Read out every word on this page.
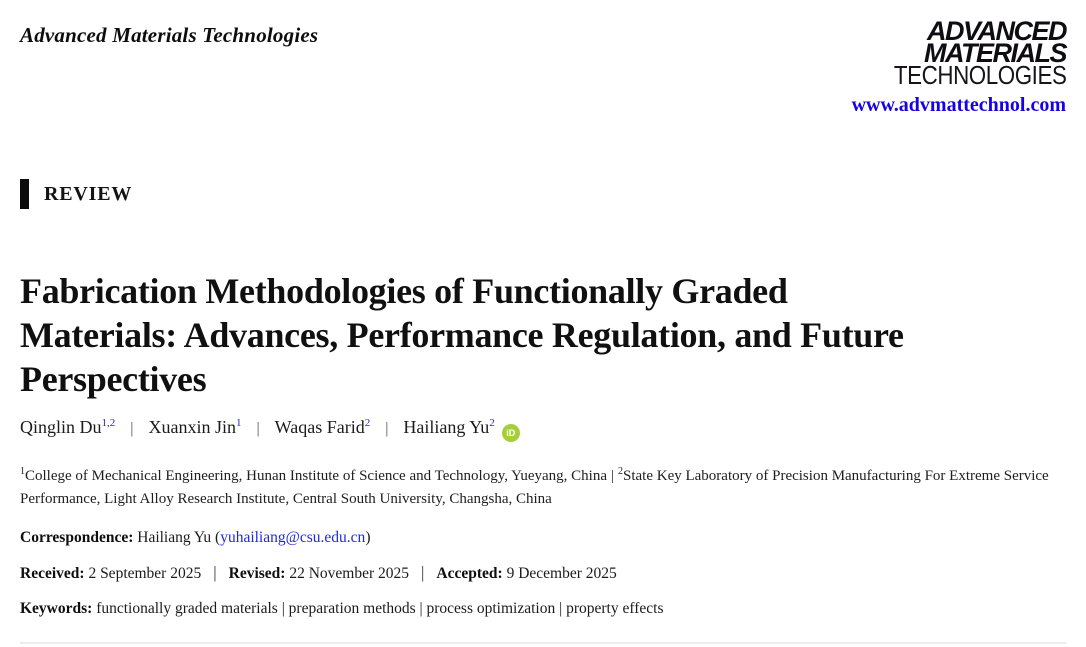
Advanced Materials Technologies	ADVANCED
MATERIALS
TECHNOLOGIES
www.advmattechnol.com
REVIEW
Fabrication Methodologies of Functionally Graded
Materials: Advances, Performance Regulation, and Future
Perspectives
Qinglin Du$^{1,2}$ | Xuanxin Jin$^1$ | Waqas Farid$^2$ | Hailiang Yu$^2$iD
$^1$College of Mechanical Engineering, Hunan Institute of Science and Technology, Yueyang, China | $^2$State Key Laboratory of Precision Manufacturing For Extreme Service Performance, Light Alloy Research Institute, Central South University, Changsha, China
Correspondence: Hailiang Yu (yuhailiang@csu.edu.cn)
Received: 2 September 2025 | Revised: 22 November 2025 | Accepted: 9 December 2025
Keywords: functionally graded materials | preparation methods | process optimization | property effects
